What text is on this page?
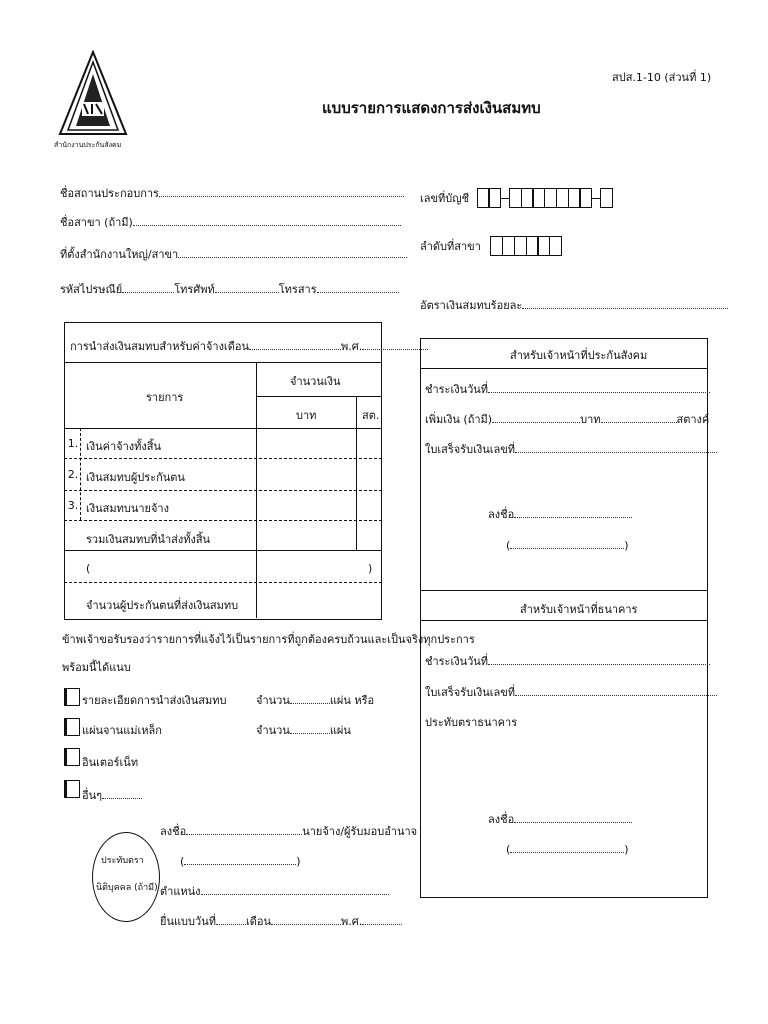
สำนักงานประกันสังคม
สปส.1-10 (ส่วนที่ 1)
แบบรายการแสดงการส่งเงินสมทบ
ชื่อสถานประกอบการ
ชื่อสาขา (ถ้ามี)
ที่ตั้งสำนักงานใหญ่/สาขา
รหัสไปรษณีย์	โทรศัพท์	โทรสาร
เลขที่บัญชี
ลำดับที่สาขา
อัตราเงินสมทบร้อยละ
การนำส่งเงินสมทบสำหรับค่าจ้างเดือน	พ.ศ.
รายการ
จำนวนเงิน
บาท	สต.
1. เงินค่าจ้างทั้งสิ้น
2. เงินสมทบผู้ประกันตน
3. เงินสมทบนายจ้าง
รวมเงินสมทบที่นำส่งทั้งสิ้น
(	)
จำนวนผู้ประกันตนที่ส่งเงินสมทบ
ข้าพเจ้าขอรับรองว่ารายการที่แจ้งไว้เป็นรายการที่ถูกต้องครบถ้วนและเป็นจริงทุกประการ
พร้อมนี้ได้แนบ
รายละเอียดการนำส่งเงินสมทบ	จำนวน	แผ่น หรือ
แผ่นจานแม่เหล็ก	จำนวน	แผ่น
อินเตอร์เน็ท
อื่นๆ
ประทับตรา
นิติบุคคล (ถ้ามี)
ลงชื่อ	นายจ้าง/ผู้รับมอบอำนาจ
(	)
ตำแหน่ง
ยื่นแบบวันที่	เดือน	พ.ศ.
สำหรับเจ้าหน้าที่ประกันสังคม
ชำระเงินวันที่
เพิ่มเงิน (ถ้ามี)	บาท	สตางค์
ใบเสร็จรับเงินเลขที่
ลงชื่อ
(	)
สำหรับเจ้าหน้าที่ธนาคาร
ชำระเงินวันที่
ใบเสร็จรับเงินเลขที่
ประทับตราธนาคาร
ลงชื่อ
(	)
